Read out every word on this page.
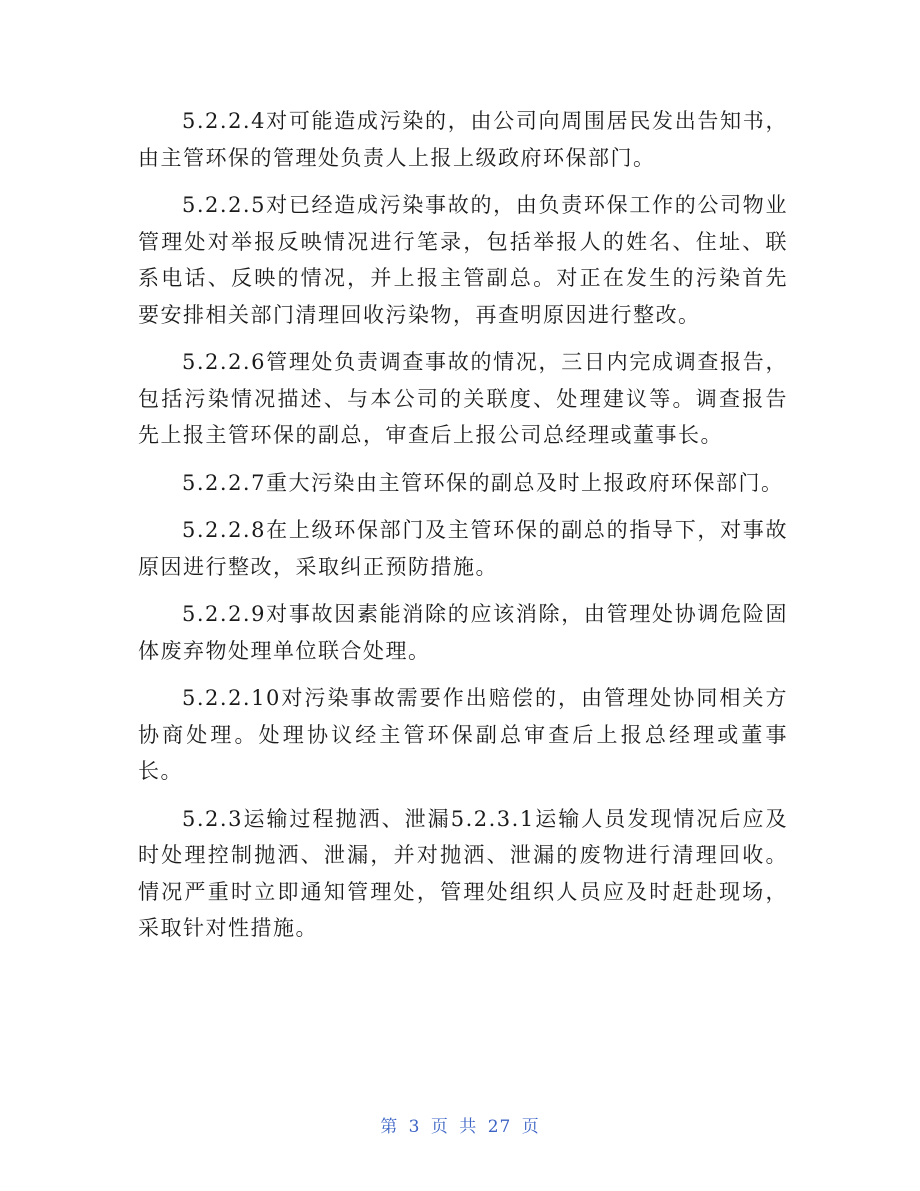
5.2.2.4对可能造成污染的，由公司向周围居民发出告知书，由主管环保的管理处负责人上报上级政府环保部门。

5.2.2.5对已经造成污染事故的，由负责环保工作的公司物业管理处对举报反映情况进行笔录，包括举报人的姓名、住址、联系电话、反映的情况，并上报主管副总。对正在发生的污染首先要安排相关部门清理回收污染物，再查明原因进行整改。

5.2.2.6管理处负责调查事故的情况，三日内完成调查报告，包括污染情况描述、与本公司的关联度、处理建议等。调查报告先上报主管环保的副总，审查后上报公司总经理或董事长。

5.2.2.7重大污染由主管环保的副总及时上报政府环保部门。

5.2.2.8在上级环保部门及主管环保的副总的指导下，对事故原因进行整改，采取纠正预防措施。

5.2.2.9对事故因素能消除的应该消除，由管理处协调危险固体废弃物处理单位联合处理。

5.2.2.10对污染事故需要作出赔偿的，由管理处协同相关方协商处理。处理协议经主管环保副总审查后上报总经理或董事长。

5.2.3运输过程抛洒、泄漏5.2.3.1运输人员发现情况后应及时处理控制抛洒、泄漏，并对抛洒、泄漏的废物进行清理回收。情况严重时立即通知管理处，管理处组织人员应及时赶赴现场，采取针对性措施。

第 3 页 共 27 页
